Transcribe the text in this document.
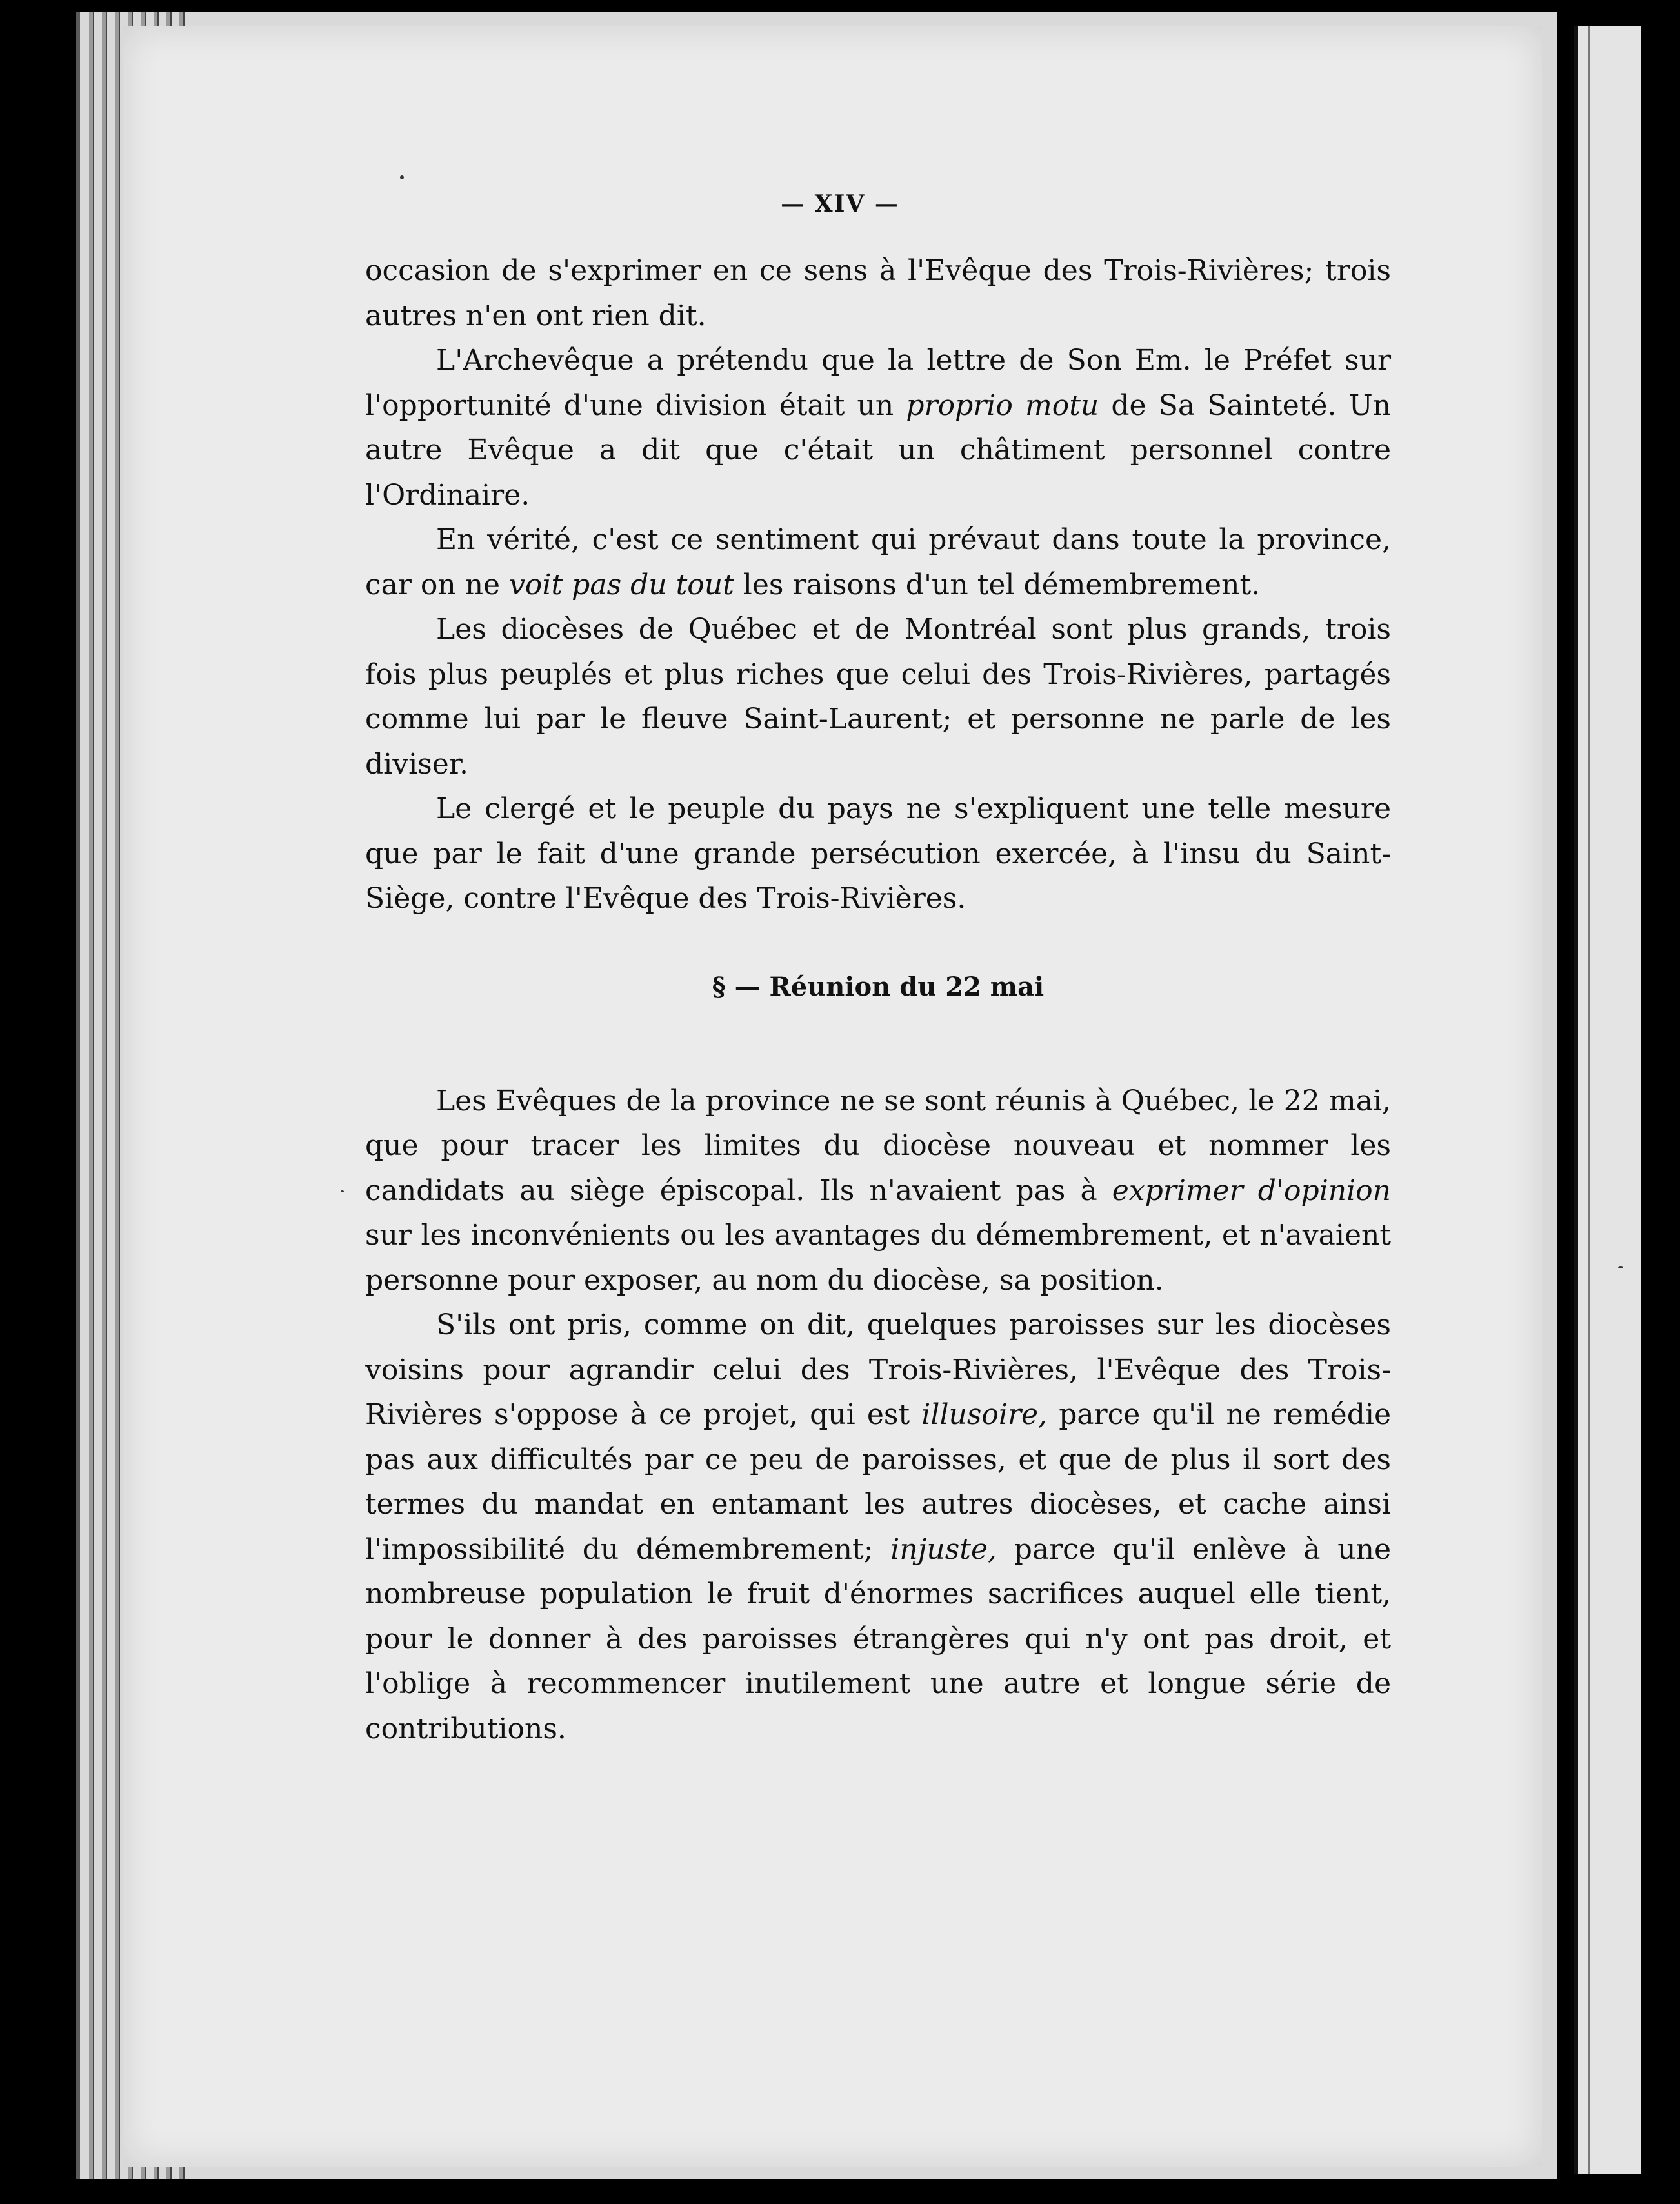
— XIV —

occasion de s'exprimer en ce sens à l'Evêque des Trois-Rivières; trois autres n'en ont rien dit.

L'Archevêque a prétendu que la lettre de Son Em. le Préfet sur l'opportunité d'une division était un proprio motu de Sa Sainteté. Un autre Evêque a dit que c'était un châtiment personnel contre l'Ordinaire.

En vérité, c'est ce sentiment qui prévaut dans toute la province, car on ne voit pas du tout les raisons d'un tel démembrement.

Les diocèses de Québec et de Montréal sont plus grands, trois fois plus peuplés et plus riches que celui des Trois-Rivières, partagés comme lui par le fleuve Saint-Laurent; et personne ne parle de les diviser.

Le clergé et le peuple du pays ne s'expliquent une telle mesure que par le fait d'une grande persécution exercée, à l'insu du Saint-Siège, contre l'Evêque des Trois-Rivières.

§ — Réunion du 22 mai

Les Evêques de la province ne se sont réunis à Québec, le 22 mai, que pour tracer les limites du diocèse nouveau et nommer les candidats au siège épiscopal. Ils n'avaient pas à exprimer d'opinion sur les inconvénients ou les avantages du démembrement, et n'avaient personne pour exposer, au nom du diocèse, sa position.

S'ils ont pris, comme on dit, quelques paroisses sur les diocèses voisins pour agrandir celui des Trois-Rivières, l'Evêque des Trois-Rivières s'oppose à ce projet, qui est illusoire, parce qu'il ne remédie pas aux difficultés par ce peu de paroisses, et que de plus il sort des termes du mandat en entamant les autres diocèses, et cache ainsi l'impossibilité du démembrement; injuste, parce qu'il enlève à une nombreuse population le fruit d'énormes sacrifices auquel elle tient, pour le donner à des paroisses étrangères qui n'y ont pas droit, et l'oblige à recommencer inutilement une autre et longue série de contributions.
